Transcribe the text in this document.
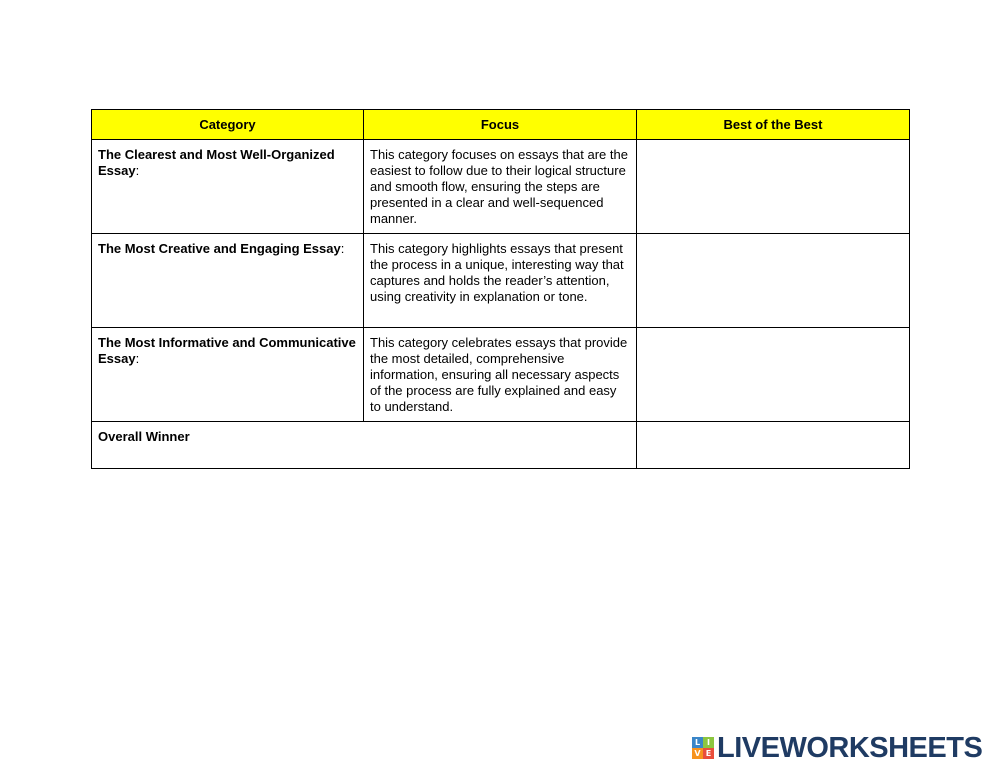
Category	Focus	Best of the Best
The Clearest and Most Well-Organized Essay:	This category focuses on essays that are the easiest to follow due to their logical structure and smooth flow, ensuring the steps are presented in a clear and well-sequenced manner.	
The Most Creative and Engaging Essay:	This category highlights essays that present the process in a unique, interesting way that captures and holds the reader’s attention, using creativity in explanation or tone.	
The Most Informative and Communicative Essay:	This category celebrates essays that provide the most detailed, comprehensive information, ensuring all necessary aspects of the process are fully explained and easy to understand.	
Overall Winner		
L I
V E LIVEWORKSHEETS
